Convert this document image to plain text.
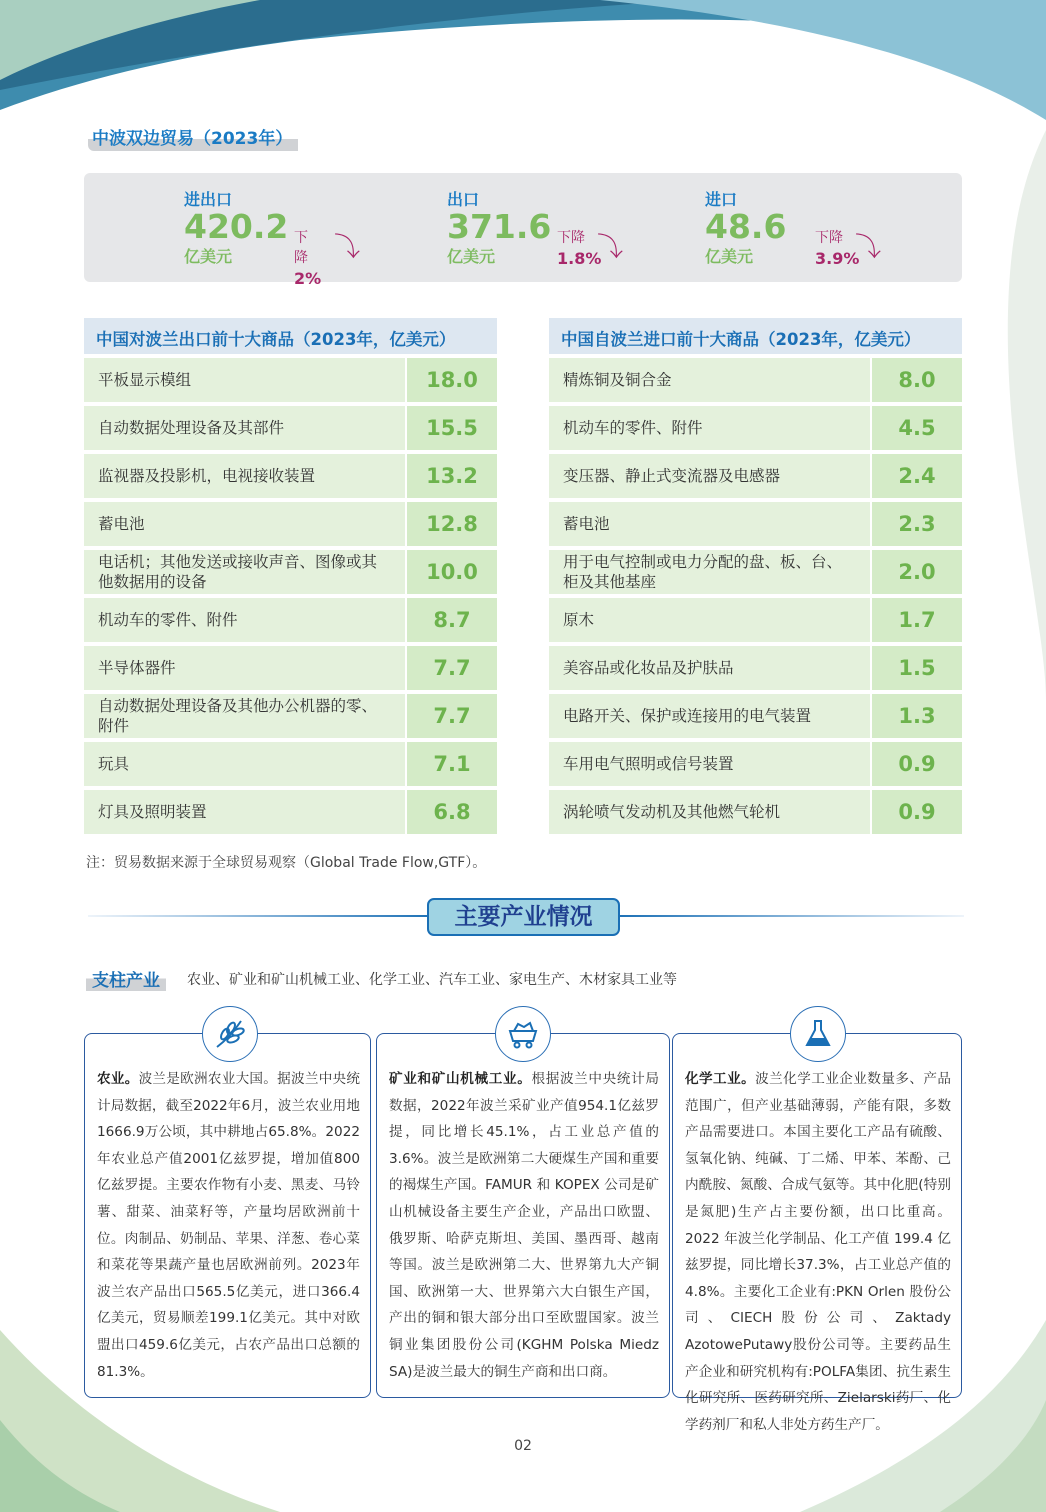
中波双边贸易（2023年）
进出口
420.2
亿美元
下降
2%
⤵
出口
371.6
亿美元
下降
1.8%
⤵
进口
48.6
亿美元
下降
3.9%
⤵
中国对波兰出口前十大商品（2023年，亿美元）
平板显示模组	18.0
自动数据处理设备及其部件	15.5
监视器及投影机，电视接收装置	13.2
蓄电池	12.8
电话机；其他发送或接收声音、图像或其他数据用的设备	10.0
机动车的零件、附件	8.7
半导体器件	7.7
自动数据处理设备及其他办公机器的零、附件	7.7
玩具	7.1
灯具及照明装置	6.8
中国自波兰进口前十大商品（2023年，亿美元）
精炼铜及铜合金	8.0
机动车的零件、附件	4.5
变压器、静止式变流器及电感器	2.4
蓄电池	2.3
用于电气控制或电力分配的盘、板、台、柜及其他基座	2.0
原木	1.7
美容品或化妆品及护肤品	1.5
电路开关、保护或连接用的电气装置	1.3
车用电气照明或信号装置	0.9
涡轮喷气发动机及其他燃气轮机	0.9
注：贸易数据来源于全球贸易观察（Global Trade Flow,GTF）。
主要产业情况
支柱产业	农业、矿业和矿山机械工业、化学工业、汽车工业、家电生产、木材家具工业等
农业。波兰是欧洲农业大国。据波兰中央统计局数据，截至2022年6月，波兰农业用地1666.9万公顷，其中耕地占65.8%。2022年农业总产值2001亿兹罗提，增加值800亿兹罗提。主要农作物有小麦、黑麦、马铃薯、甜菜、油菜籽等，产量均居欧洲前十位。肉制品、奶制品、苹果、洋葱、卷心菜和菜花等果蔬产量也居欧洲前列。2023年波兰农产品出口565.5亿美元，进口366.4亿美元，贸易顺差199.1亿美元。其中对欧盟出口459.6亿美元，占农产品出口总额的81.3%。
矿业和矿山机械工业。根据波兰中央统计局数据，2022年波兰采矿业产值954.1亿兹罗提，同比增长45.1%，占工业总产值的3.6%。波兰是欧洲第二大硬煤生产国和重要的褐煤生产国。FAMUR 和 KOPEX 公司是矿山机械设备主要生产企业，产品出口欧盟、俄罗斯、哈萨克斯坦、美国、墨西哥、越南等国。波兰是欧洲第二大、世界第九大产铜国、欧洲第一大、世界第六大白银生产国，产出的铜和银大部分出口至欧盟国家。波兰铜业集团股份公司(KGHM Polska Miedz SA)是波兰最大的铜生产商和出口商。
化学工业。波兰化学工业企业数量多、产品范围广，但产业基础薄弱，产能有限，多数产品需要进口。本国主要化工产品有硫酸、氢氧化钠、纯碱、丁二烯、甲苯、苯酚、己内酰胺、氮酸、合成气氨等。其中化肥(特别是氮肥)生产占主要份额，出口比重高。2022 年波兰化学制品、化工产值 199.4 亿兹罗提，同比增长37.3%，占工业总产值的4.8%。主要化工企业有:PKN Orlen 股份公司、CIECH股份公司、Zaktady AzotowePutawy股份公司等。主要药品生产企业和研究机构有:POLFA集团、抗生素生化研究所、医药研究所、Zielarski药厂、化学药剂厂和私人非处方药生产厂。
02
